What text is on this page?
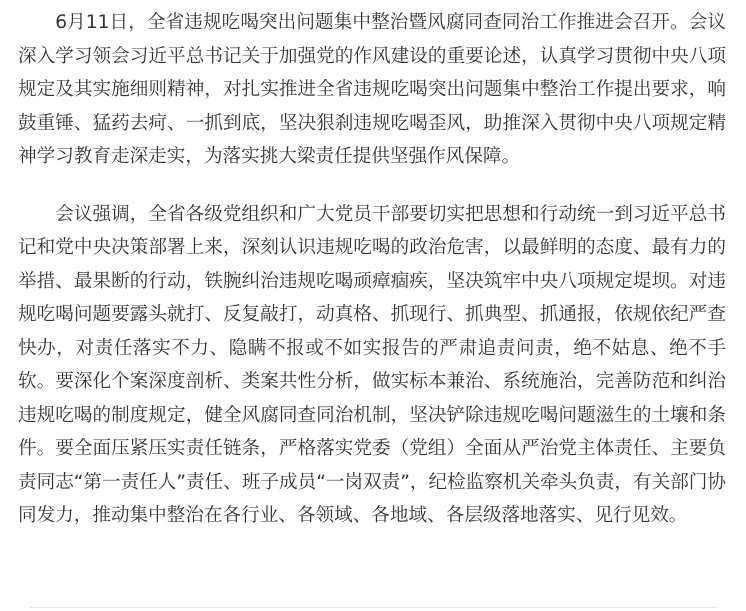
6月11日，全省违规吃喝突出问题集中整治暨风腐同查同治工作推进会召开。会议深入学习领会习近平总书记关于加强党的作风建设的重要论述，认真学习贯彻中央八项规定及其实施细则精神，对扎实推进全省违规吃喝突出问题集中整治工作提出要求，响鼓重锤、猛药去疴、一抓到底，坚决狠刹违规吃喝歪风，助推深入贯彻中央八项规定精神学习教育走深走实，为落实挑大梁责任提供坚强作风保障。

会议强调，全省各级党组织和广大党员干部要切实把思想和行动统一到习近平总书记和党中央决策部署上来，深刻认识违规吃喝的政治危害，以最鲜明的态度、最有力的举措、最果断的行动，铁腕纠治违规吃喝顽瘴痼疾，坚决筑牢中央八项规定堤坝。对违规吃喝问题要露头就打、反复敲打，动真格、抓现行、抓典型、抓通报，依规依纪严查快办，对责任落实不力、隐瞒不报或不如实报告的严肃追责问责，绝不姑息、绝不手软。要深化个案深度剖析、类案共性分析，做实标本兼治、系统施治，完善防范和纠治违规吃喝的制度规定，健全风腐同查同治机制，坚决铲除违规吃喝问题滋生的土壤和条件。要全面压紧压实责任链条，严格落实党委（党组）全面从严治党主体责任、主要负责同志“第一责任人”责任、班子成员“一岗双责”，纪检监察机关牵头负责，有关部门协同发力，推动集中整治在各行业、各领域、各地域、各层级落地落实、见行见效。
